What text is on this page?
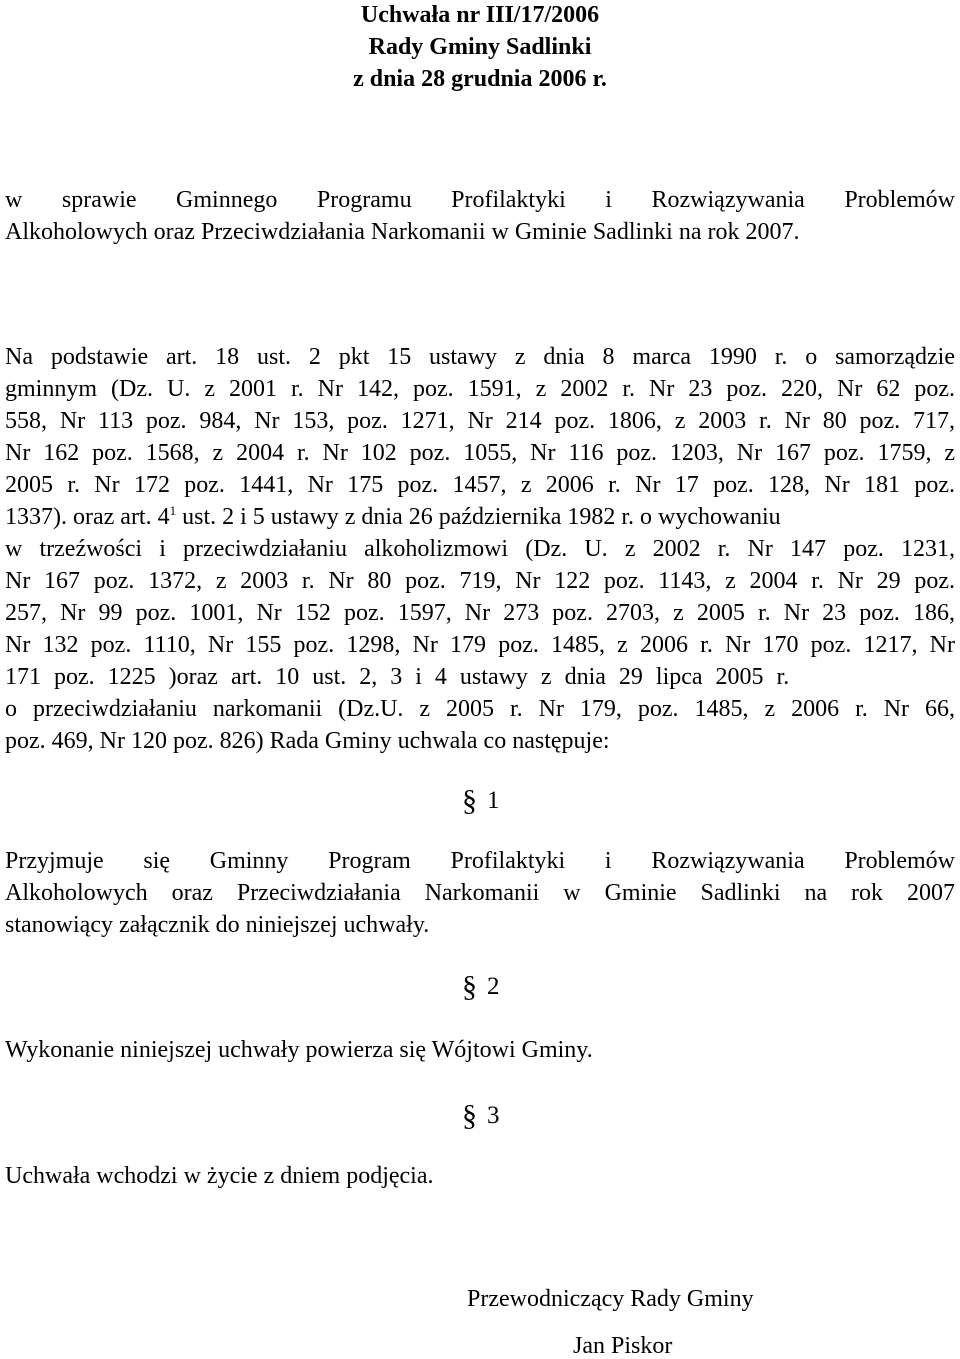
Uchwała nr III/17/2006
Rady Gminy Sadlinki
z dnia 28 grudnia 2006 r.
w sprawie Gminnego Programu Profilaktyki i Rozwiązywania Problemów
Alkoholowych oraz Przeciwdziałania Narkomanii w Gminie Sadlinki na rok 2007.
Na podstawie art. 18 ust. 2 pkt 15 ustawy z dnia 8 marca 1990 r. o samorządzie
gminnym (Dz. U. z 2001 r. Nr 142, poz. 1591, z 2002 r. Nr 23 poz. 220, Nr 62 poz.
558, Nr 113 poz. 984, Nr 153, poz. 1271, Nr 214 poz. 1806, z 2003 r. Nr 80 poz. 717,
Nr 162 poz. 1568, z 2004 r. Nr 102 poz. 1055, Nr 116 poz. 1203, Nr 167 poz. 1759, z
2005 r. Nr 172 poz. 1441, Nr 175 poz. 1457, z 2006 r. Nr 17 poz. 128, Nr 181 poz.
1337). oraz art. $4^1$ ust. 2 i 5 ustawy z dnia 26 października 1982 r. o wychowaniu
w trzeźwości i przeciwdziałaniu alkoholizmowi (Dz. U. z 2002 r. Nr 147 poz. 1231,
Nr 167 poz. 1372, z 2003 r. Nr 80 poz. 719, Nr 122 poz. 1143, z 2004 r. Nr 29 poz.
257, Nr 99 poz. 1001, Nr 152 poz. 1597, Nr 273 poz. 2703, z 2005 r. Nr 23 poz. 186,
Nr 132 poz. 1110, Nr 155 poz. 1298, Nr 179 poz. 1485, z 2006 r. Nr 170 poz. 1217, Nr
171 poz. 1225 )oraz art. 10 ust. 2, 3 i 4 ustawy z dnia 29 lipca 2005 r.
o przeciwdziałaniu narkomanii (Dz.U. z 2005 r. Nr 179, poz. 1485, z 2006 r. Nr 66,
poz. 469, Nr 120 poz. 826) Rada Gminy uchwala co następuje:
§ 1
Przyjmuje się Gminny Program Profilaktyki i Rozwiązywania Problemów
Alkoholowych oraz Przeciwdziałania Narkomanii w Gminie Sadlinki na rok 2007
stanowiący załącznik do niniejszej uchwały.
§ 2
Wykonanie niniejszej uchwały powierza się Wójtowi Gminy.
§ 3
Uchwała wchodzi w życie z dniem podjęcia.
Przewodniczący Rady Gminy
Jan Piskor
